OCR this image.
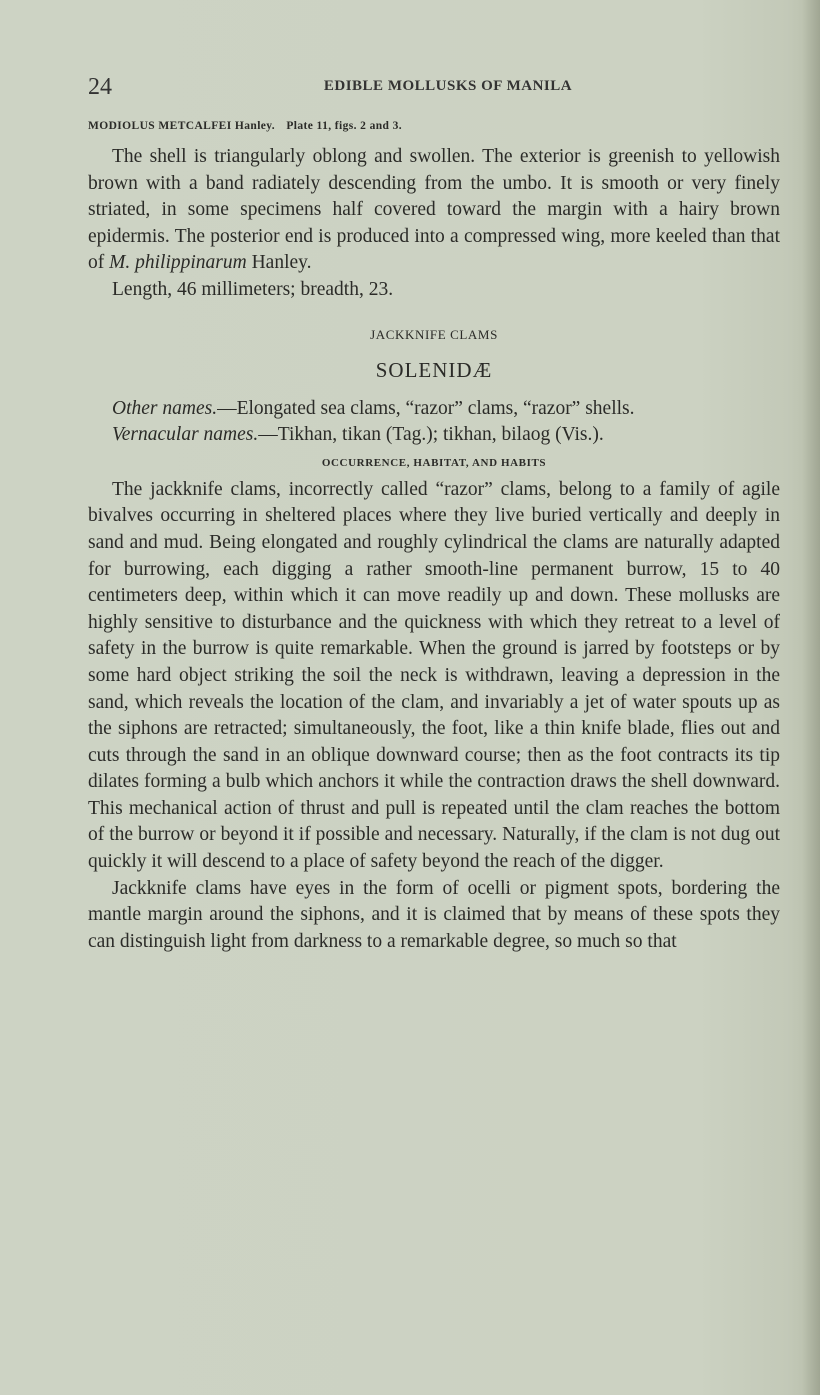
24	EDIBLE MOLLUSKS OF MANILA
MODIOLUS METCALFEI Hanley. Plate 11, figs. 2 and 3.

The shell is triangularly oblong and swollen. The exterior is greenish to yellowish brown with a band radiately descending from the umbo. It is smooth or very finely striated, in some specimens half covered toward the margin with a hairy brown epidermis. The posterior end is produced into a compressed wing, more keeled than that of M. philippinarum Hanley.

Length, 46 millimeters; breadth, 23.

JACKKNIFE CLAMS
SOLENIDÆ

Other names.—Elongated sea clams, “razor” clams, “razor” shells.

Vernacular names.—Tikhan, tikan (Tag.); tikhan, bilaog (Vis.).

OCCURRENCE, HABITAT, AND HABITS

The jackknife clams, incorrectly called “razor” clams, belong to a family of agile bivalves occurring in sheltered places where they live buried vertically and deeply in sand and mud. Being elongated and roughly cylindrical the clams are naturally adapted for burrowing, each digging a rather smooth-line permanent burrow, 15 to 40 centimeters deep, within which it can move readily up and down. These mollusks are highly sensitive to disturbance and the quickness with which they retreat to a level of safety in the burrow is quite remarkable. When the ground is jarred by footsteps or by some hard object striking the soil the neck is withdrawn, leaving a depression in the sand, which reveals the location of the clam, and invariably a jet of water spouts up as the siphons are retracted; simultaneously, the foot, like a thin knife blade, flies out and cuts through the sand in an oblique downward course; then as the foot contracts its tip dilates forming a bulb which anchors it while the contraction draws the shell downward. This mechanical action of thrust and pull is repeated until the clam reaches the bottom of the burrow or beyond it if possible and necessary. Naturally, if the clam is not dug out quickly it will descend to a place of safety beyond the reach of the digger.

Jackknife clams have eyes in the form of ocelli or pigment spots, bordering the mantle margin around the siphons, and it is claimed that by means of these spots they can distinguish light from darkness to a remarkable degree, so much so that
